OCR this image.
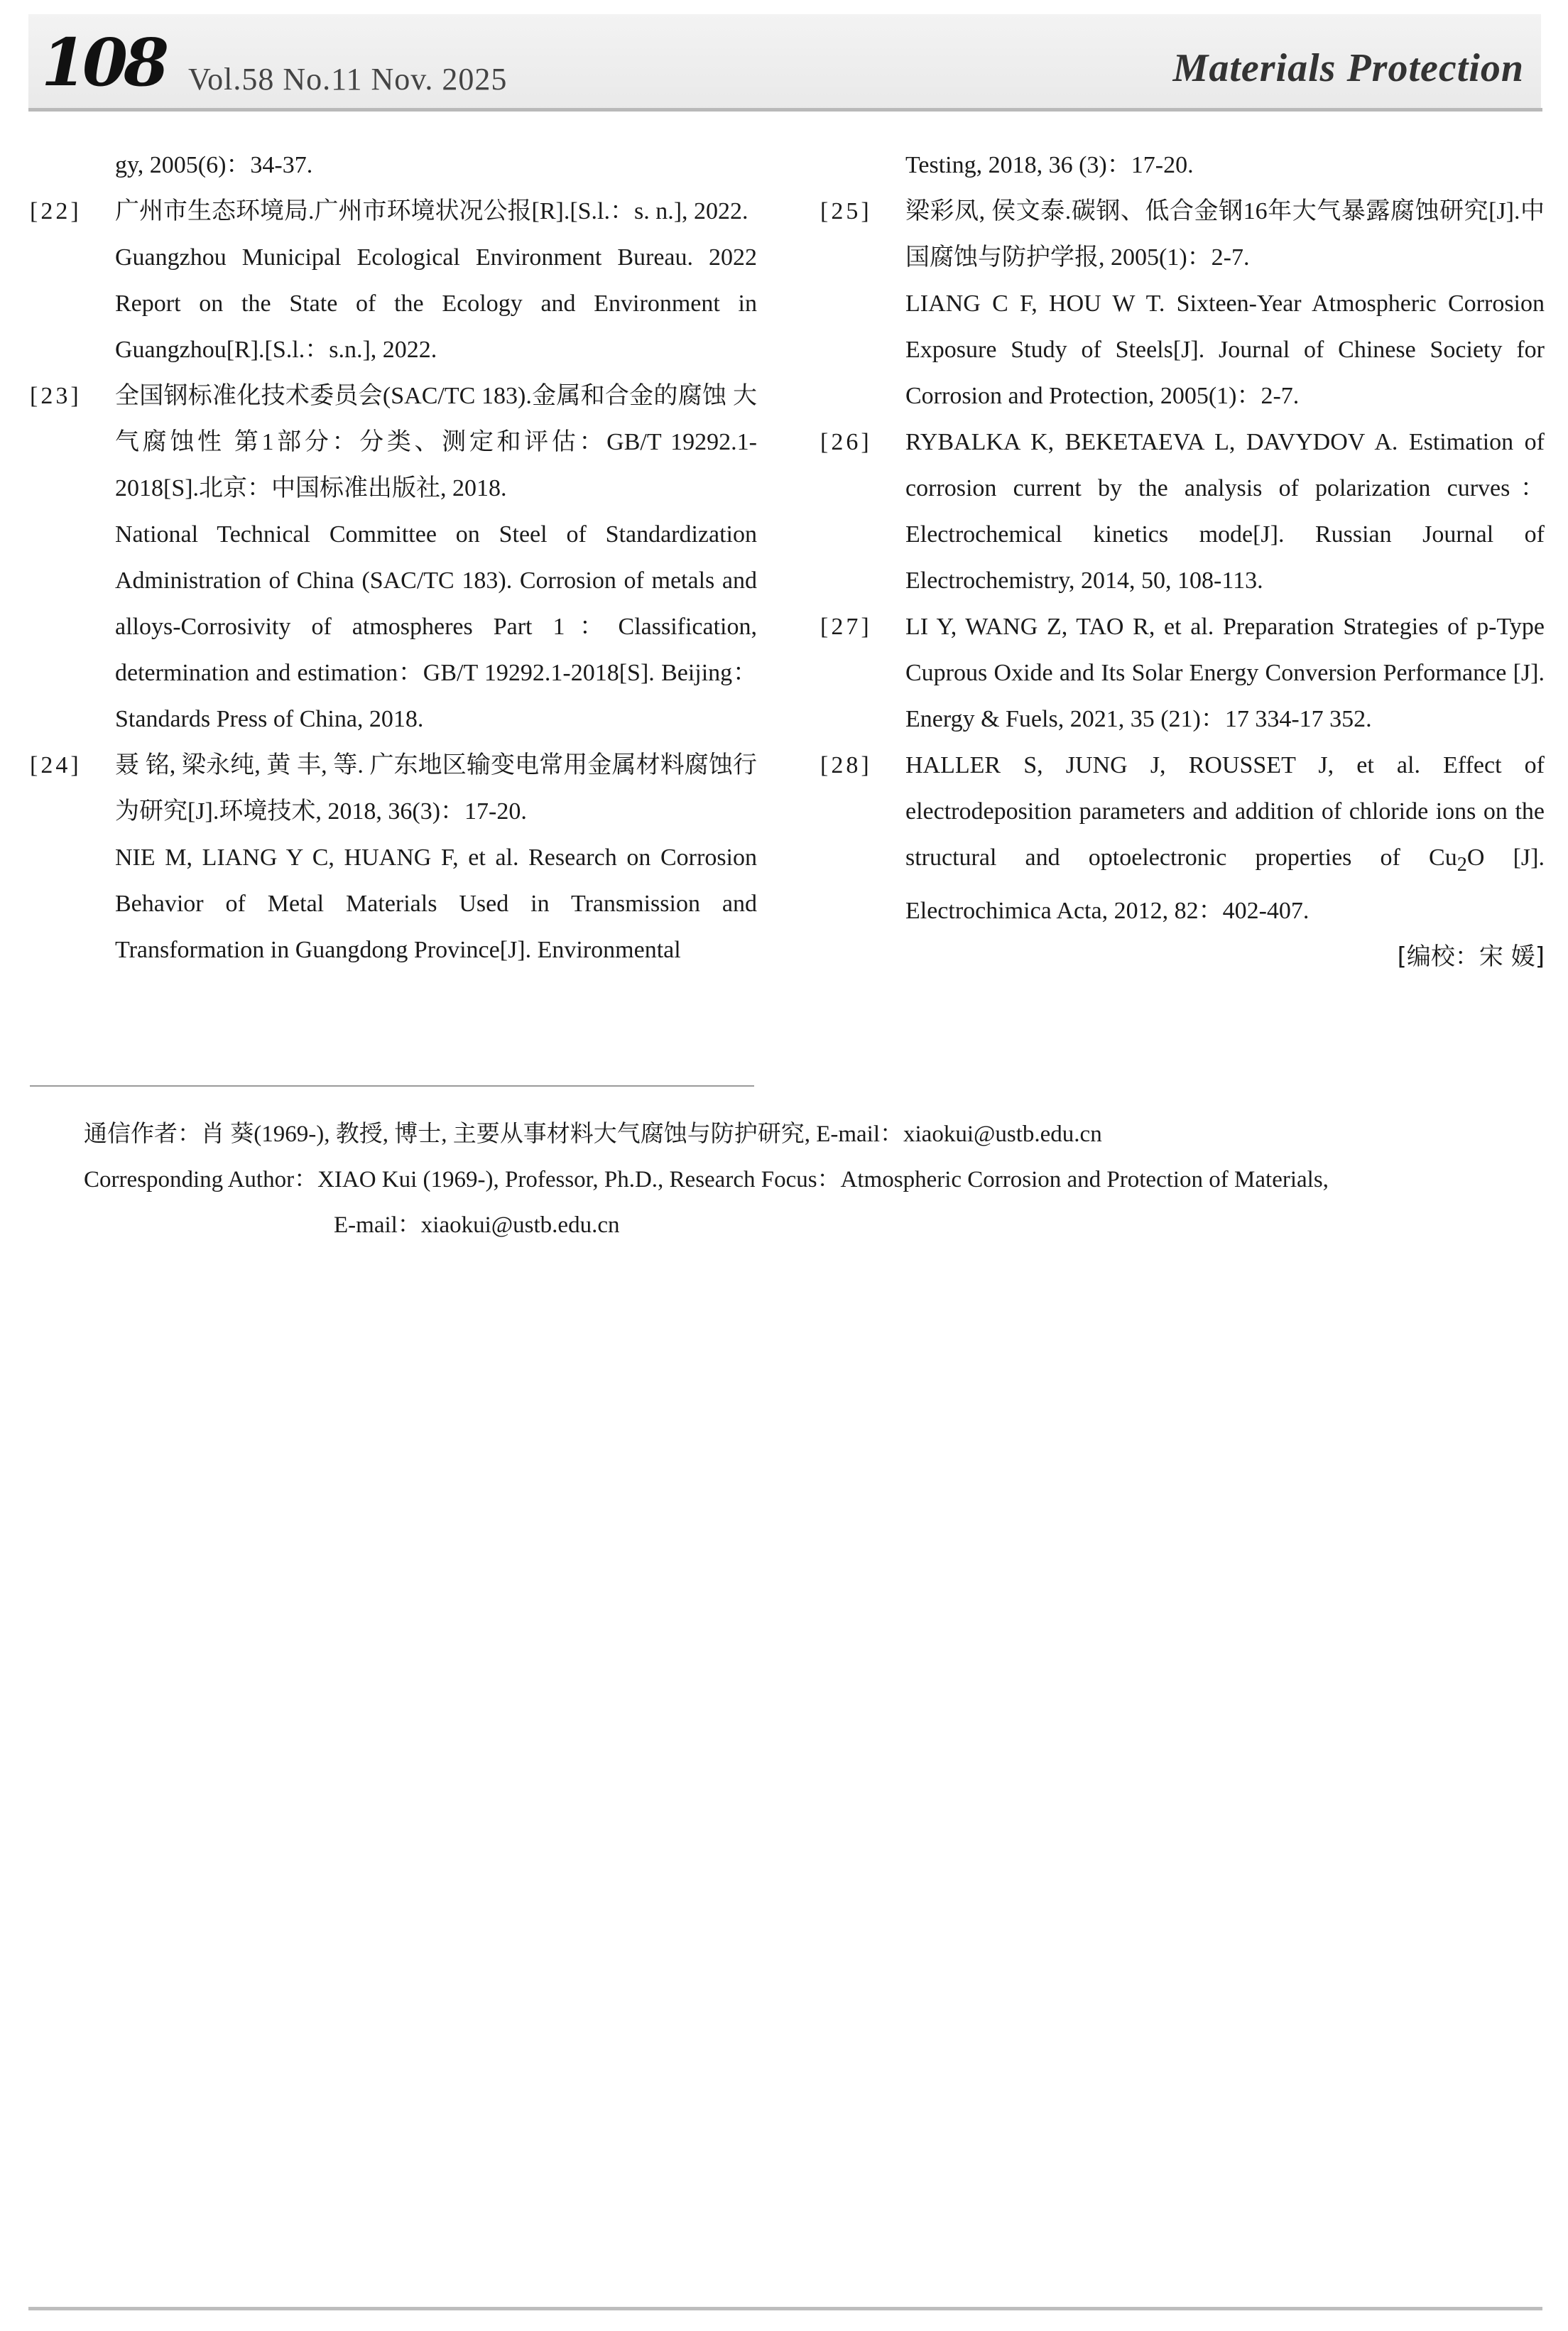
108 Vol.58 No.11 Nov. 2025	Materials Protection
gy, 2005(6)：34-37.
[22]	广州市生态环境局.广州市环境状况公报[R].[S.l.：s. n.], 2022.
Guangzhou Municipal Ecological Environment Bureau. 2022 Report on the State of the Ecology and Environment in Guangzhou[R].[S.l.：s.n.], 2022.
[23]	全国钢标准化技术委员会(SAC/TC 183).金属和合金的腐蚀 大气腐蚀性 第1部分：分类、测定和评估：GB/T 19292.1-2018[S].北京：中国标准出版社, 2018.
National Technical Committee on Steel of Standardization Administration of China (SAC/TC 183). Corrosion of metals and alloys-Corrosivity of atmospheres Part 1：Classification, determination and estimation：GB/T 19292.1-2018[S]. Beijing：Standards Press of China, 2018.
[24]	聂 铭, 梁永纯, 黄 丰, 等. 广东地区输变电常用金属材料腐蚀行为研究[J].环境技术, 2018, 36(3)：17-20.
NIE M, LIANG Y C, HUANG F, et al. Research on Corrosion Behavior of Metal Materials Used in Transmission and Transformation in Guangdong Province[J]. Environmental
Testing, 2018, 36 (3)：17-20.
[25]	梁彩凤, 侯文泰.碳钢、低合金钢16年大气暴露腐蚀研究[J].中国腐蚀与防护学报, 2005(1)：2-7.
LIANG C F, HOU W T. Sixteen-Year Atmospheric Corrosion Exposure Study of Steels[J]. Journal of Chinese Society for Corrosion and Protection, 2005(1)：2-7.
[26]	RYBALKA K, BEKETAEVA L, DAVYDOV A. Estimation of corrosion current by the analysis of polarization curves：Electrochemical kinetics mode[J]. Russian Journal of Electrochemistry, 2014, 50, 108-113.
[27]	LI Y, WANG Z, TAO R, et al. Preparation Strategies of p-Type Cuprous Oxide and Its Solar Energy Conversion Performance [J]. Energy & Fuels, 2021, 35 (21)：17 334-17 352.
[28]	HALLER S, JUNG J, ROUSSET J, et al. Effect of electrodeposition parameters and addition of chloride ions on the structural and optoelectronic properties of $Cu_2O$ [J]. Electrochimica Acta, 2012, 82：402-407.
[编校：宋 媛]
通信作者：肖 葵(1969-), 教授, 博士, 主要从事材料大气腐蚀与防护研究, E-mail：xiaokui@ustb.edu.cn
Corresponding Author：XIAO Kui (1969-), Professor, Ph.D., Research Focus：Atmospheric Corrosion and Protection of Materials,
E-mail：xiaokui@ustb.edu.cn
